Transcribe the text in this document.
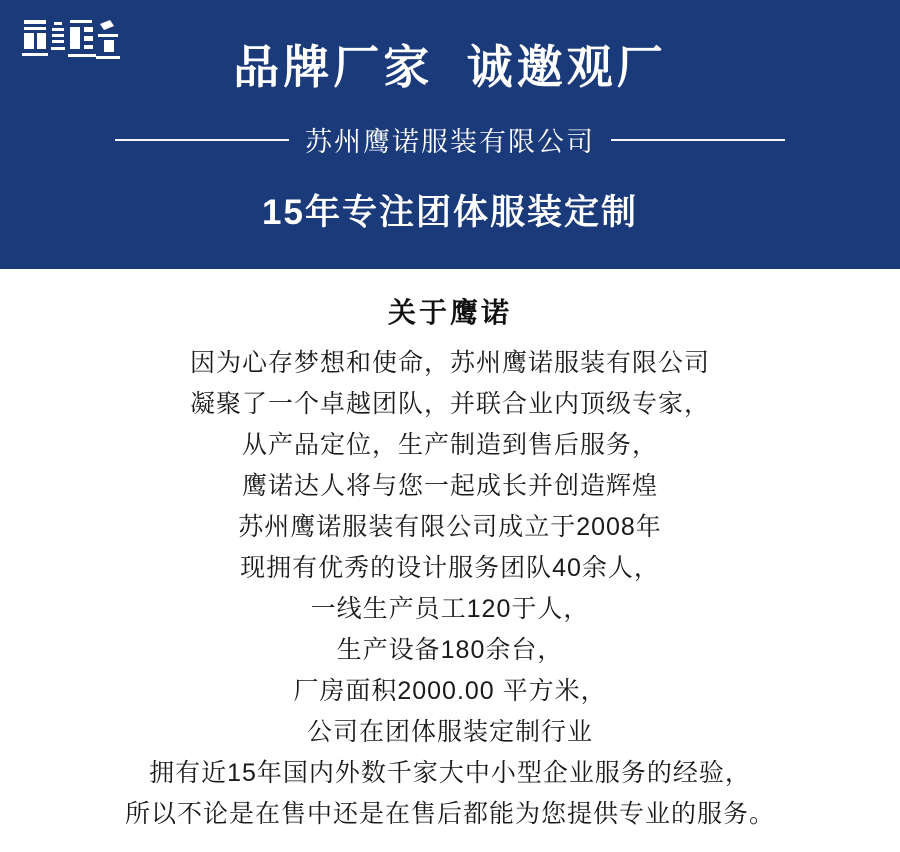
品牌厂家  诚邀观厂
苏州鹰诺服装有限公司
15年专注团体服装定制
关于鹰诺
因为心存梦想和使命，苏州鹰诺服装有限公司
凝聚了一个卓越团队，并联合业内顶级专家，
从产品定位，生产制造到售后服务，
鹰诺达人将与您一起成长并创造辉煌
苏州鹰诺服装有限公司成立于2008年
现拥有优秀的设计服务团队40余人，
一线生产员工120于人，
生产设备180余台，
厂房面积2000.00 平方米，
公司在团体服装定制行业
拥有近15年国内外数千家大中小型企业服务的经验，
所以不论是在售中还是在售后都能为您提供专业的服务。
